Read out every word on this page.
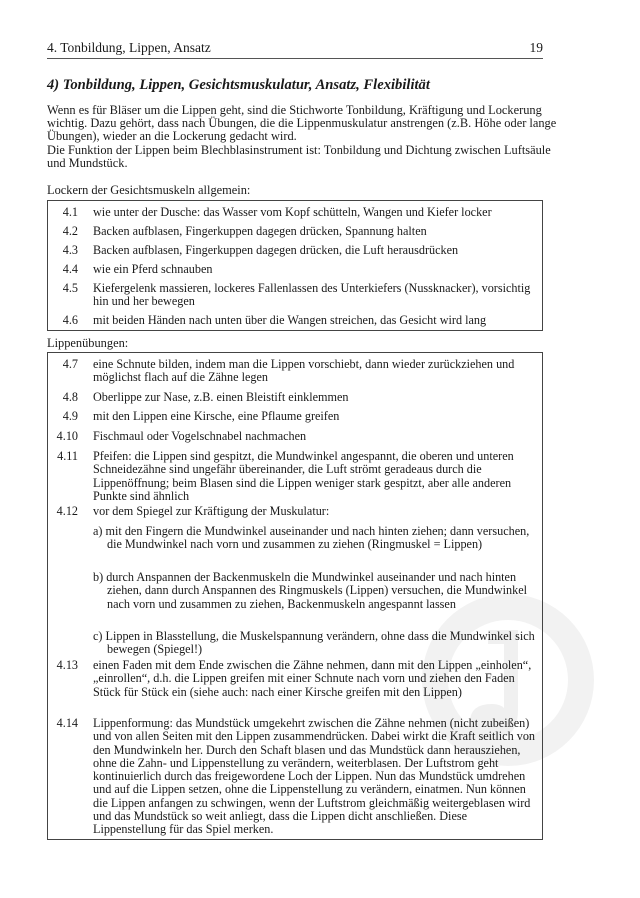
4. Tonbildung, Lippen, Ansatz	19
4) Tonbildung, Lippen, Gesichtsmuskulatur, Ansatz, Flexibilität

Wenn es für Bläser um die Lippen geht, sind die Stichworte Tonbildung, Kräftigung und Lockerung wichtig. Dazu gehört, dass nach Übungen, die die Lippenmuskulatur anstrengen (z.B. Höhe oder lange Übungen), wieder an die Lockerung gedacht wird.

Die Funktion der Lippen beim Blechblasinstrument ist: Tonbildung und Dichtung zwischen Luftsäule und Mundstück.

Lockern der Gesichtsmuskeln allgemein:
4.1 wie unter der Dusche: das Wasser vom Kopf schütteln, Wangen und Kiefer locker
4.2 Backen aufblasen, Fingerkuppen dagegen drücken, Spannung halten
4.3 Backen aufblasen, Fingerkuppen dagegen drücken, die Luft herausdrücken
4.4 wie ein Pferd schnauben
4.5 Kiefergelenk massieren, lockeres Fallenlassen des Unterkiefers (Nussknacker), vorsichtig hin und her bewegen
4.6 mit beiden Händen nach unten über die Wangen streichen, das Gesicht wird lang
Lippenübungen:
4.7 eine Schnute bilden, indem man die Lippen vorschiebt, dann wieder zurückziehen und möglichst flach auf die Zähne legen
4.8 Oberlippe zur Nase, z.B. einen Bleistift einklemmen
4.9 mit den Lippen eine Kirsche, eine Pflaume greifen
4.10 Fischmaul oder Vogelschnabel nachmachen
4.11 Pfeifen: die Lippen sind gespitzt, die Mundwinkel angespannt, die oberen und unteren Schneidezähne sind ungefähr übereinander, die Luft strömt geradeaus durch die Lippenöffnung; beim Blasen sind die Lippen weniger stark gespitzt, aber alle anderen Punkte sind ähnlich
4.12 vor dem Spiegel zur Kräftigung der Muskulatur:
a) mit den Fingern die Mundwinkel auseinander und nach hinten ziehen; dann versuchen, die Mundwinkel nach vorn und zusammen zu ziehen (Ringmuskel = Lippen)
b) durch Anspannen der Backenmuskeln die Mundwinkel auseinander und nach hinten ziehen, dann durch Anspannen des Ringmuskels (Lippen) versuchen, die Mundwinkel nach vorn und zusammen zu ziehen, Backenmuskeln angespannt lassen
c) Lippen in Blasstellung, die Muskelspannung verändern, ohne dass die Mundwinkel sich bewegen (Spiegel!)
4.13 einen Faden mit dem Ende zwischen die Zähne nehmen, dann mit den Lippen „einholen“, „einrollen“, d.h. die Lippen greifen mit einer Schnute nach vorn und ziehen den Faden Stück für Stück ein (siehe auch: nach einer Kirsche greifen mit den Lippen)
4.14 Lippenformung: das Mundstück umgekehrt zwischen die Zähne nehmen (nicht zubeißen) und von allen Seiten mit den Lippen zusammendrücken. Dabei wirkt die Kraft seitlich von den Mundwinkeln her. Durch den Schaft blasen und das Mundstück dann herausziehen, ohne die Zahn- und Lippenstellung zu verändern, weiterblasen. Der Luftstrom geht kontinuierlich durch das freigewordene Loch der Lippen. Nun das Mundstück umdrehen und auf die Lippen setzen, ohne die Lippenstellung zu verändern, einatmen. Nun können die Lippen anfangen zu schwingen, wenn der Luftstrom gleichmäßig weitergeblasen wird und das Mundstück so weit anliegt, dass die Lippen dicht anschließen. Diese Lippenstellung für das Spiel merken.
